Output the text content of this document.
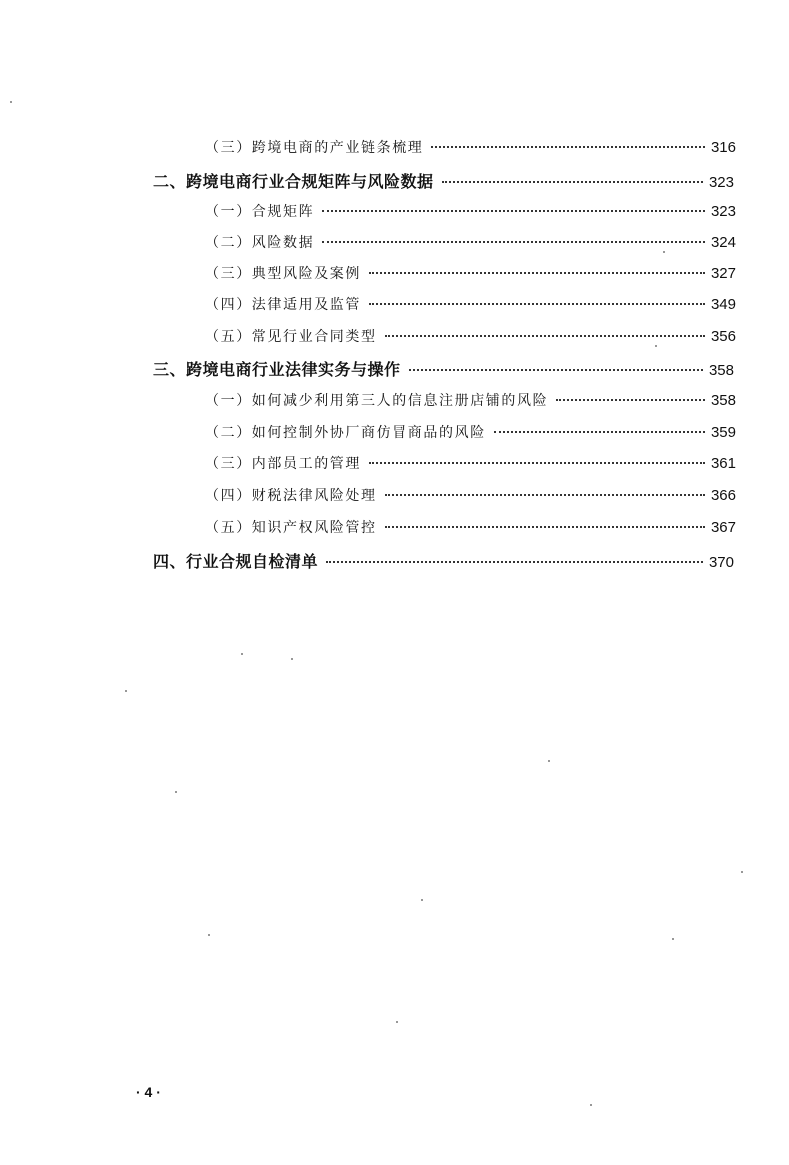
（三）跨境电商的产业链条梳理	316
二、跨境电商行业合规矩阵与风险数据	323
（一）合规矩阵	323
（二）风险数据	324
（三）典型风险及案例	327
（四）法律适用及监管	349
（五）常见行业合同类型	356
三、跨境电商行业法律实务与操作	358
（一）如何减少利用第三人的信息注册店铺的风险	358
（二）如何控制外协厂商仿冒商品的风险	359
（三）内部员工的管理	361
（四）财税法律风险处理	366
（五）知识产权风险管控	367
四、行业合规自检清单	370
· 4 ·
